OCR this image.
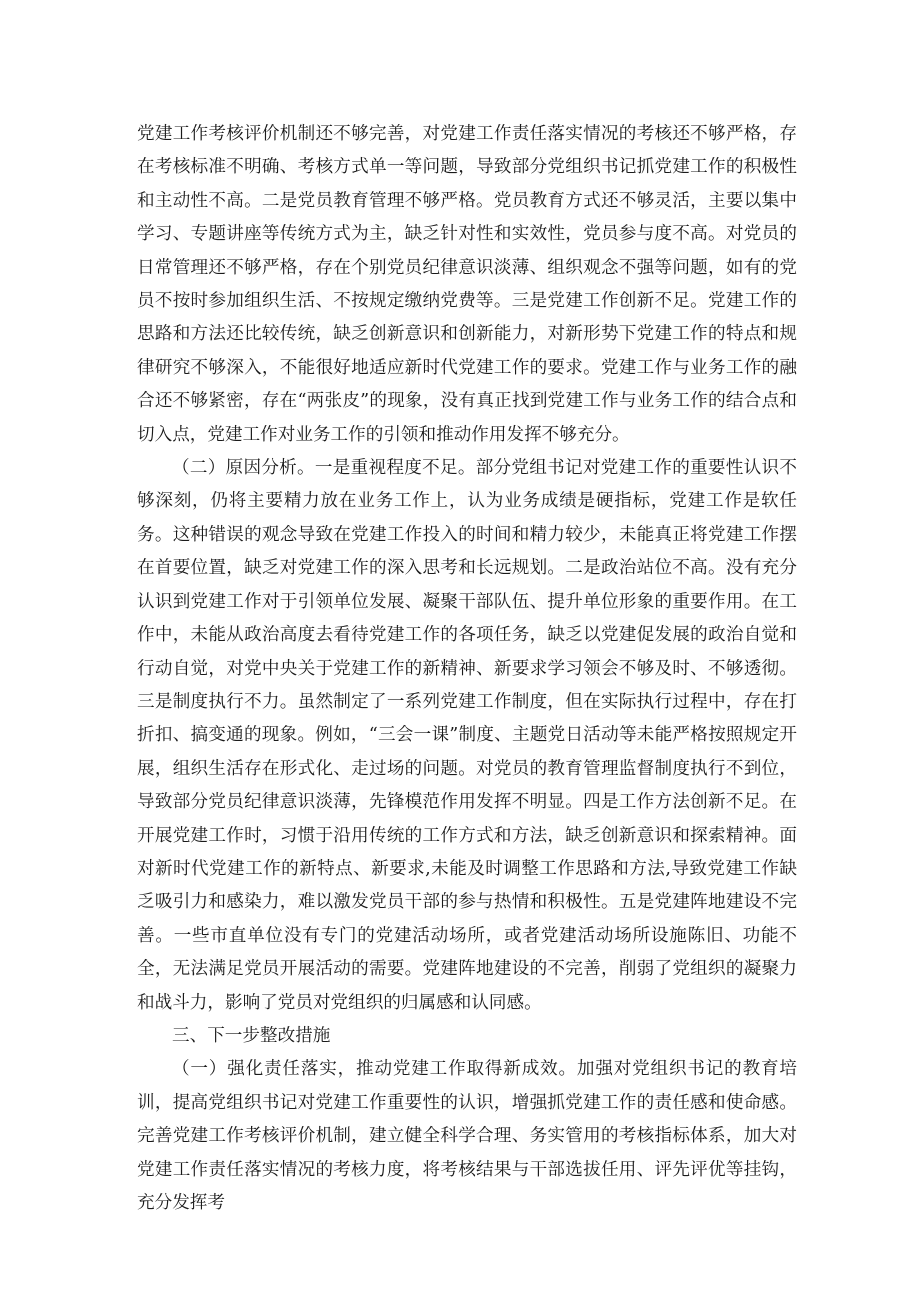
党建工作考核评价机制还不够完善，对党建工作责任落实情况的考核还不够严格，存在考核标准不明确、考核方式单一等问题，导致部分党组织书记抓党建工作的积极性和主动性不高。二是党员教育管理不够严格。党员教育方式还不够灵活，主要以集中学习、专题讲座等传统方式为主，缺乏针对性和实效性，党员参与度不高。对党员的日常管理还不够严格，存在个别党员纪律意识淡薄、组织观念不强等问题，如有的党员不按时参加组织生活、不按规定缴纳党费等。三是党建工作创新不足。党建工作的思路和方法还比较传统，缺乏创新意识和创新能力，对新形势下党建工作的特点和规律研究不够深入，不能很好地适应新时代党建工作的要求。党建工作与业务工作的融合还不够紧密，存在“两张皮”的现象，没有真正找到党建工作与业务工作的结合点和切入点，党建工作对业务工作的引领和推动作用发挥不够充分。

（二）原因分析。一是重视程度不足。部分党组书记对党建工作的重要性认识不够深刻，仍将主要精力放在业务工作上，认为业务成绩是硬指标，党建工作是软任务。这种错误的观念导致在党建工作投入的时间和精力较少，未能真正将党建工作摆在首要位置，缺乏对党建工作的深入思考和长远规划。二是政治站位不高。没有充分认识到党建工作对于引领单位发展、凝聚干部队伍、提升单位形象的重要作用。在工作中，未能从政治高度去看待党建工作的各项任务，缺乏以党建促发展的政治自觉和行动自觉，对党中央关于党建工作的新精神、新要求学习领会不够及时、不够透彻。三是制度执行不力。虽然制定了一系列党建工作制度，但在实际执行过程中，存在打折扣、搞变通的现象。例如，“三会一课”制度、主题党日活动等未能严格按照规定开展，组织生活存在形式化、走过场的问题。对党员的教育管理监督制度执行不到位，导致部分党员纪律意识淡薄，先锋模范作用发挥不明显。四是工作方法创新不足。在开展党建工作时，习惯于沿用传统的工作方式和方法，缺乏创新意识和探索精神。面对新时代党建工作的新特点、新要求,未能及时调整工作思路和方法,导致党建工作缺乏吸引力和感染力，难以激发党员干部的参与热情和积极性。五是党建阵地建设不完善。一些市直单位没有专门的党建活动场所，或者党建活动场所设施陈旧、功能不全，无法满足党员开展活动的需要。党建阵地建设的不完善，削弱了党组织的凝聚力和战斗力，影响了党员对党组织的归属感和认同感。

三、下一步整改措施

（一）强化责任落实，推动党建工作取得新成效。加强对党组织书记的教育培训，提高党组织书记对党建工作重要性的认识，增强抓党建工作的责任感和使命感。完善党建工作考核评价机制，建立健全科学合理、务实管用的考核指标体系，加大对党建工作责任落实情况的考核力度，将考核结果与干部选拔任用、评先评优等挂钩，充分发挥考
